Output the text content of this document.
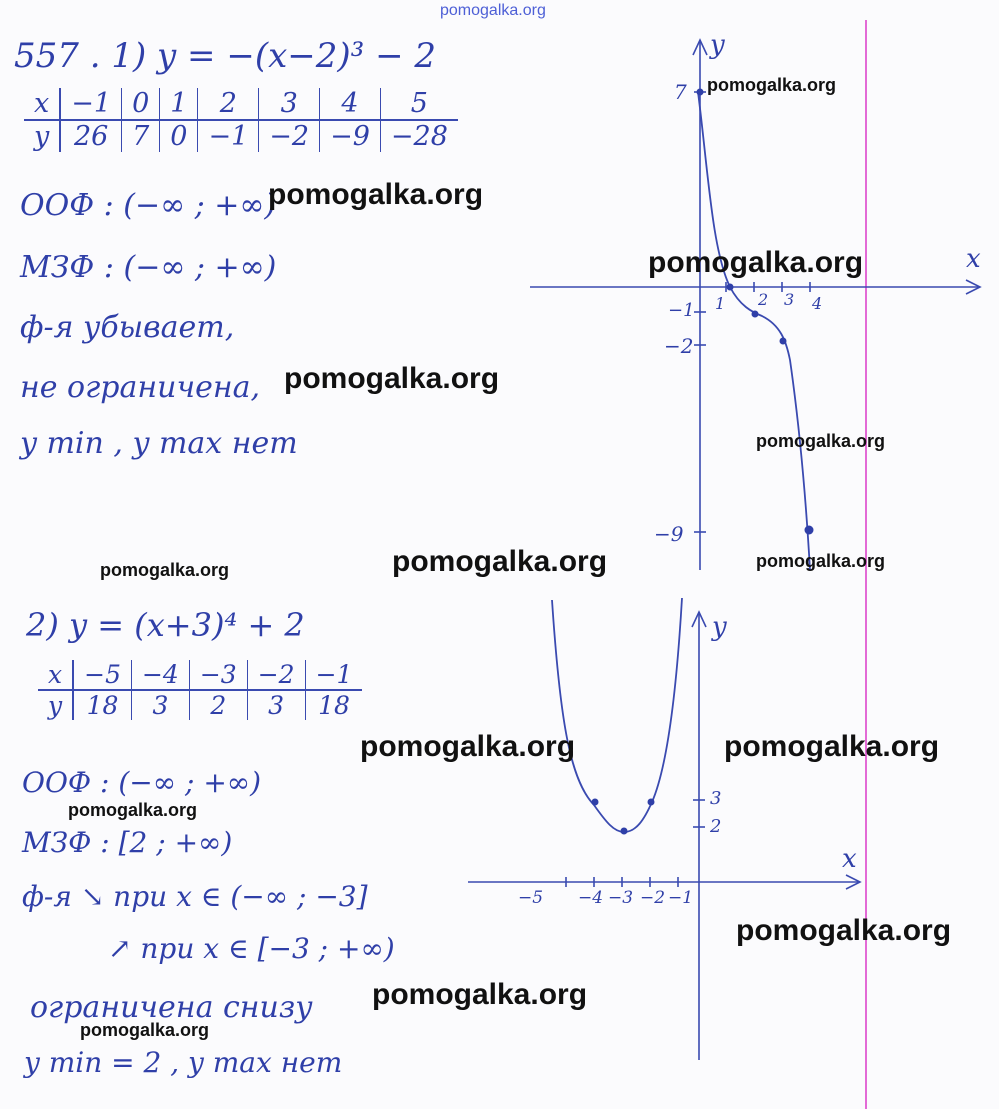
pomogalka.org
557 . 1) y = −(x−2)³ − 2
x	−1	0	1	2	3	4	5
y	26	7	0	−1	−2	−9	−28
ООФ : (−∞ ; +∞)
МЗФ : (−∞ ; +∞)
ф-я убывает,
не ограничена,
y min , y max нет
y
x
7
−1
−2
−9
1 2 3 4
2) y = (x+3)⁴ + 2
x	−5	−4	−3	−2	−1
y	18	3	2	3	18
ООФ : (−∞ ; +∞)
МЗФ : [2 ; +∞)
ф-я ↘ при x ∈ (−∞ ; −3]
↗ при x ∈ [−3 ; +∞)
ограничена снизу
y min = 2 , y max нет
y
x
3
2
−5 −4 −3 −2 −1
pomogalka.org
pomogalka.org
pomogalka.org
pomogalka.org
pomogalka.org
pomogalka.org	pomogalka.org	pomogalka.org
pomogalka.org	pomogalka.org
pomogalka.org
pomogalka.org
pomogalka.org
pomogalka.org
